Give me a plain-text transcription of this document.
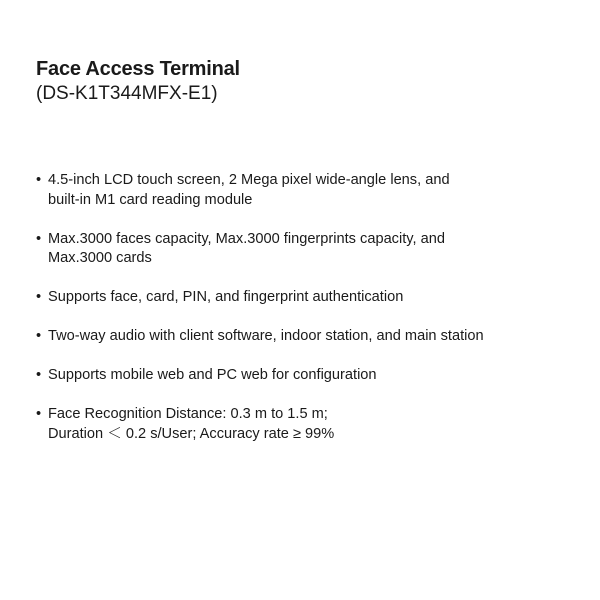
Face Access Terminal
(DS-K1T344MFX-E1)
• 4.5-inch LCD touch screen, 2 Mega pixel wide-angle lens, and
built-in M1 card reading module
• Max.3000 faces capacity, Max.3000 fingerprints capacity, and
Max.3000 cards
• Supports face, card, PIN, and fingerprint authentication
• Two-way audio with client software, indoor station, and main station
• Supports mobile web and PC web for configuration
• Face Recognition Distance: 0.3 m to 1.5 m;
Duration ＜ 0.2 s/User; Accuracy rate ≥ 99%
